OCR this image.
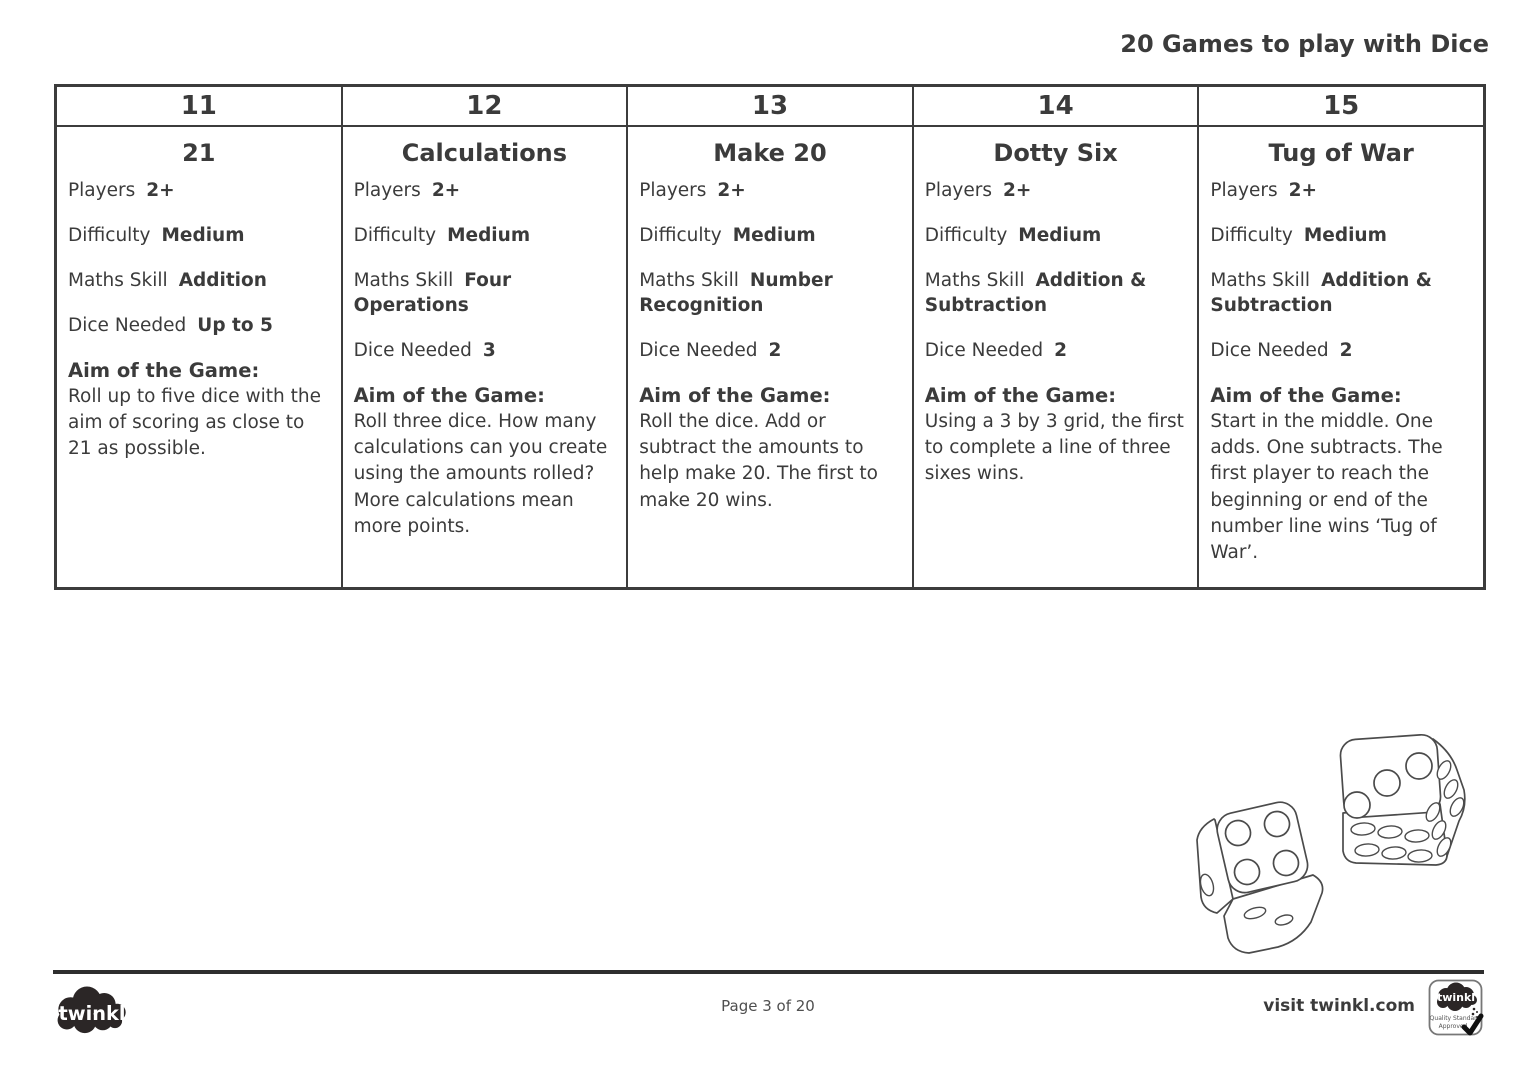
20 Games to play with Dice
11
21
Players 2+
Difficulty Medium
Maths Skill Addition
Dice Needed Up to 5
Aim of the Game:
Roll up to five dice with the aim of scoring as close to 21 as possible.
12
Calculations
Players 2+
Difficulty Medium
Maths Skill Four Operations
Dice Needed 3
Aim of the Game:
Roll three dice. How many calculations can you create using the amounts rolled? More calculations mean more points.
13
Make 20
Players 2+
Difficulty Medium
Maths Skill Number Recognition
Dice Needed 2
Aim of the Game:
Roll the dice. Add or subtract the amounts to help make 20. The first to make 20 wins.
14
Dotty Six
Players 2+
Difficulty Medium
Maths Skill Addition & Subtraction
Dice Needed 2
Aim of the Game:
Using a 3 by 3 grid, the first to complete a line of three sixes wins.
15
Tug of War
Players 2+
Difficulty Medium
Maths Skill Addition & Subtraction
Dice Needed 2
Aim of the Game:
Start in the middle. One adds. One subtracts. The first player to reach the beginning or end of the number line wins ‘Tug of War’.
twinkl	Page 3 of 20	visit twinkl.com twinkl
Quality Standard
Approved
